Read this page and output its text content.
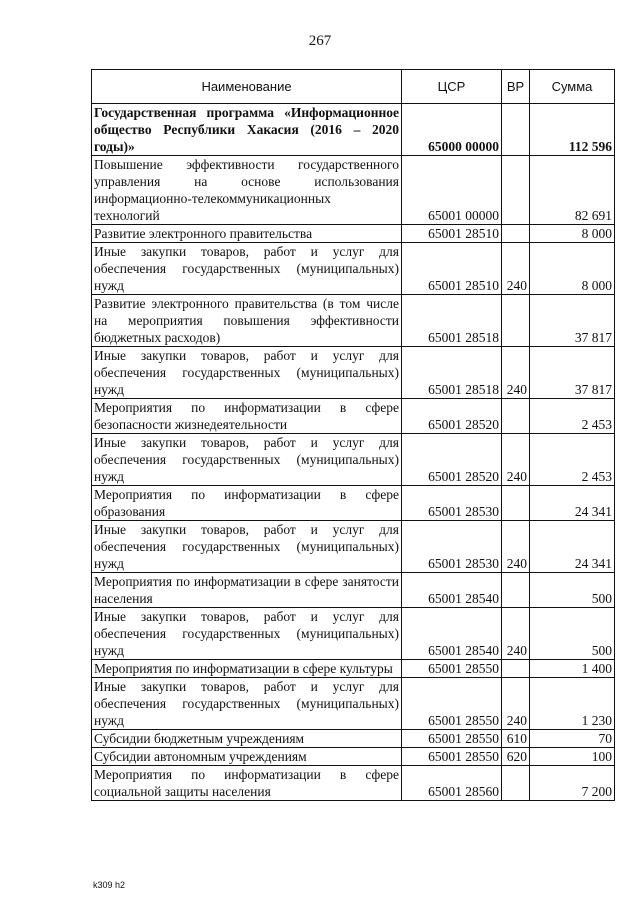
267
Наименование	ЦСР	ВР	Сумма
Государственная программа «Информационное общество Республики Хакасия (2016 – 2020 годы)»	65000 00000		112 596
Повышение эффективности государственного управления на основе использования информационно-телекоммуникационных технологий	65001 00000		82 691
Развитие электронного правительства	65001 28510		8 000
Иные закупки товаров, работ и услуг для обеспечения государственных (муниципальных) нужд	65001 28510	240	8 000
Развитие электронного правительства (в том числе на мероприятия повышения эффективности бюджетных расходов)	65001 28518		37 817
Иные закупки товаров, работ и услуг для обеспечения государственных (муниципальных) нужд	65001 28518	240	37 817
Мероприятия по информатизации в сфере безопасности жизнедеятельности	65001 28520		2 453
Иные закупки товаров, работ и услуг для обеспечения государственных (муниципальных) нужд	65001 28520	240	2 453
Мероприятия по информатизации в сфере образования	65001 28530		24 341
Иные закупки товаров, работ и услуг для обеспечения государственных (муниципальных) нужд	65001 28530	240	24 341
Мероприятия по информатизации в сфере занятости населения	65001 28540		500
Иные закупки товаров, работ и услуг для обеспечения государственных (муниципальных) нужд	65001 28540	240	500
Мероприятия по информатизации в сфере культуры	65001 28550		1 400
Иные закупки товаров, работ и услуг для обеспечения государственных (муниципальных) нужд	65001 28550	240	1 230
Субсидии бюджетным учреждениям	65001 28550	610	70
Субсидии автономным учреждениям	65001 28550	620	100
Мероприятия по информатизации в сфере социальной защиты населения	65001 28560		7 200
k309 h2
